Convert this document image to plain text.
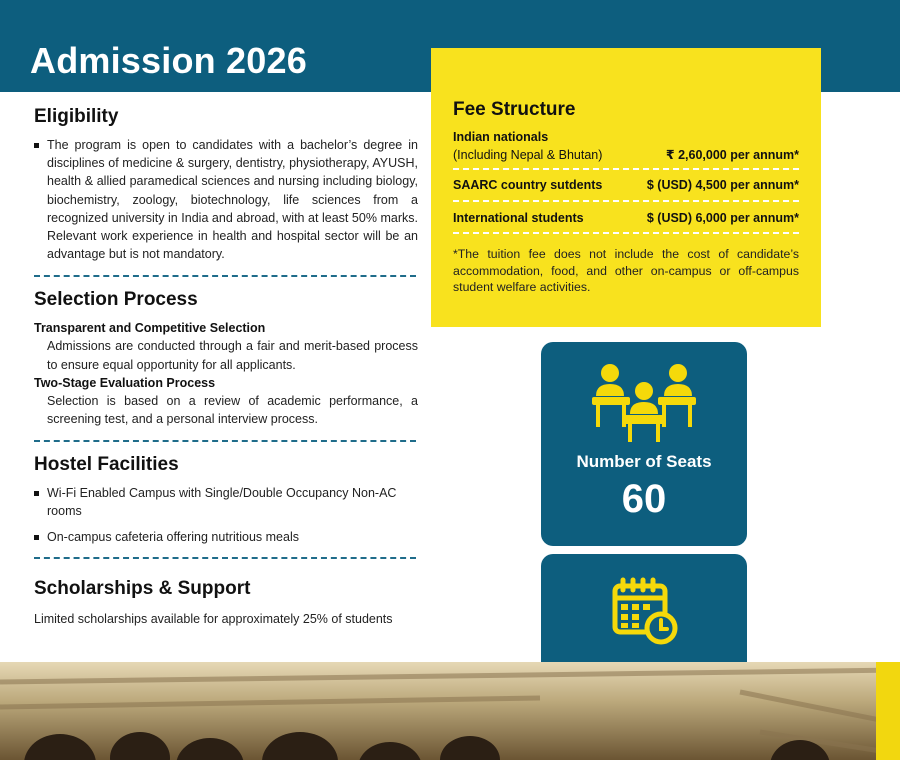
Admission 2026
Eligibility
The program is open to candidates with a bachelor’s degree in disciplines of medicine & surgery, dentistry, physiotherapy, AYUSH, health & allied paramedical sciences and nursing including biology, biochemistry, zoology, biotechnology, life sciences from a recognized university in India and abroad, with at least 50% marks. Relevant work experience in health and hospital sector will be an advantage but is not mandatory.
Selection Process
Transparent and Competitive Selection
Admissions are conducted through a fair and merit-based process to ensure equal opportunity for all applicants.
Two-Stage Evaluation Process
Selection is based on a review of academic performance, a screening test, and a personal interview process.
Hostel Facilities
Wi-Fi Enabled Campus with Single/Double Occupancy Non-AC rooms
On-campus cafeteria offering nutritious meals
Scholarships & Support
Limited scholarships available for approximately 25% of students
Fee Structure
Indian nationals
(Including Nepal & Bhutan)	₹ 2,60,000 per annum*
SAARC country sutdents	$ (USD) 4,500 per annum*
International students	$ (USD) 6,000 per annum*
*The tuition fee does not include the cost of candidate’s accommodation, food, and other on-campus or off-campus student welfare activities.
Number of Seats
60
